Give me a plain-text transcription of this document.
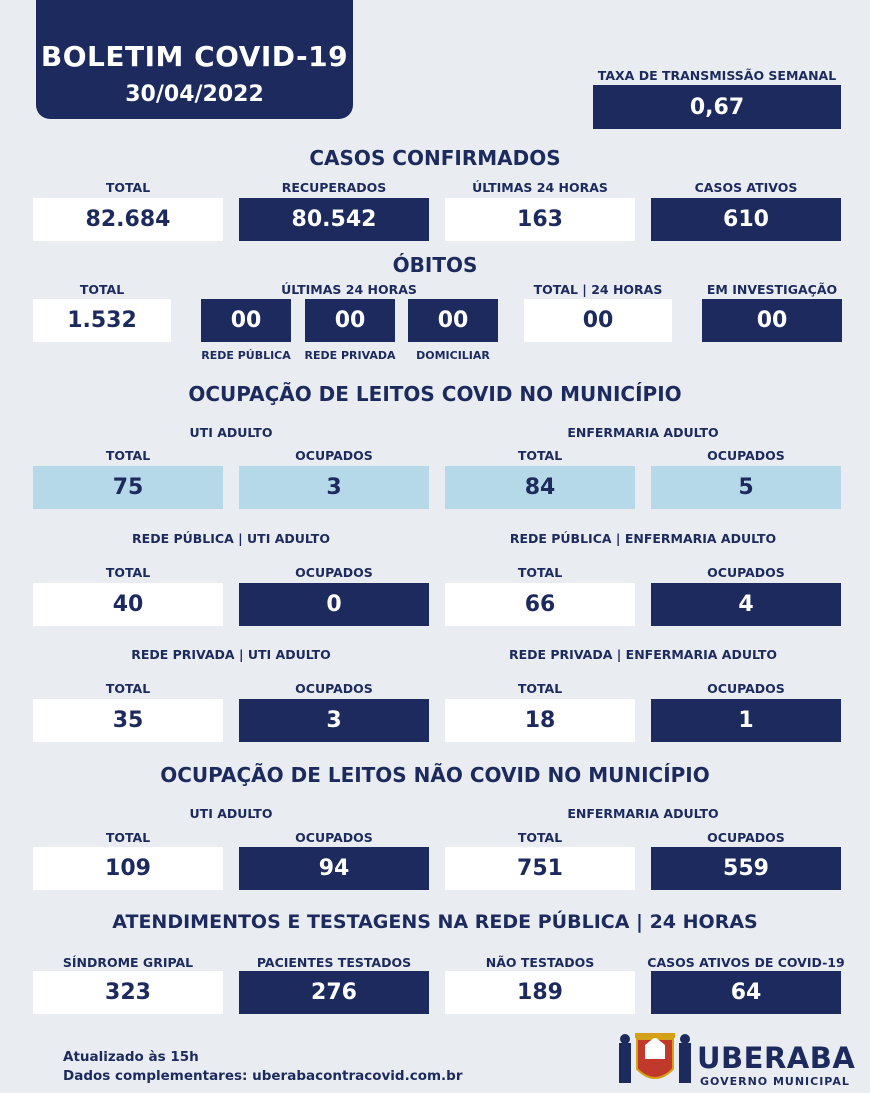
BOLETIM COVID-19
30/04/2022
TAXA DE TRANSMISSÃO SEMANAL
0,67
CASOS CONFIRMADOS
TOTAL	RECUPERADOS	ÚLTIMAS 24 HORAS	CASOS ATIVOS
82.684	80.542	163	610
ÓBITOS
TOTAL	ÚLTIMAS 24 HORAS	TOTAL | 24 HORAS	EM INVESTIGAÇÃO
1.532	00	00	00	00	00
REDE PÚBLICA	REDE PRIVADA	DOMICILIAR
OCUPAÇÃO DE LEITOS COVID NO MUNICÍPIO
UTI ADULTO	ENFERMARIA ADULTO
TOTAL	OCUPADOS	TOTAL	OCUPADOS
75	3	84	5
REDE PÚBLICA | UTI ADULTO	REDE PÚBLICA | ENFERMARIA ADULTO
TOTAL	OCUPADOS	TOTAL	OCUPADOS
40	0	66	4
REDE PRIVADA | UTI ADULTO	REDE PRIVADA | ENFERMARIA ADULTO
TOTAL	OCUPADOS	TOTAL	OCUPADOS
35	3	18	1
OCUPAÇÃO DE LEITOS NÃO COVID NO MUNICÍPIO
UTI ADULTO	ENFERMARIA ADULTO
TOTAL	OCUPADOS	TOTAL	OCUPADOS
109	94	751	559
ATENDIMENTOS E TESTAGENS NA REDE PÚBLICA | 24 HORAS
SÍNDROME GRIPAL	PACIENTES TESTADOS	NÃO TESTADOS	CASOS ATIVOS DE COVID-19
323	276	189	64
Atualizado às 15h
Dados complementares: uberabacontracovid.com.br
UBERABA
GOVERNO MUNICIPAL
